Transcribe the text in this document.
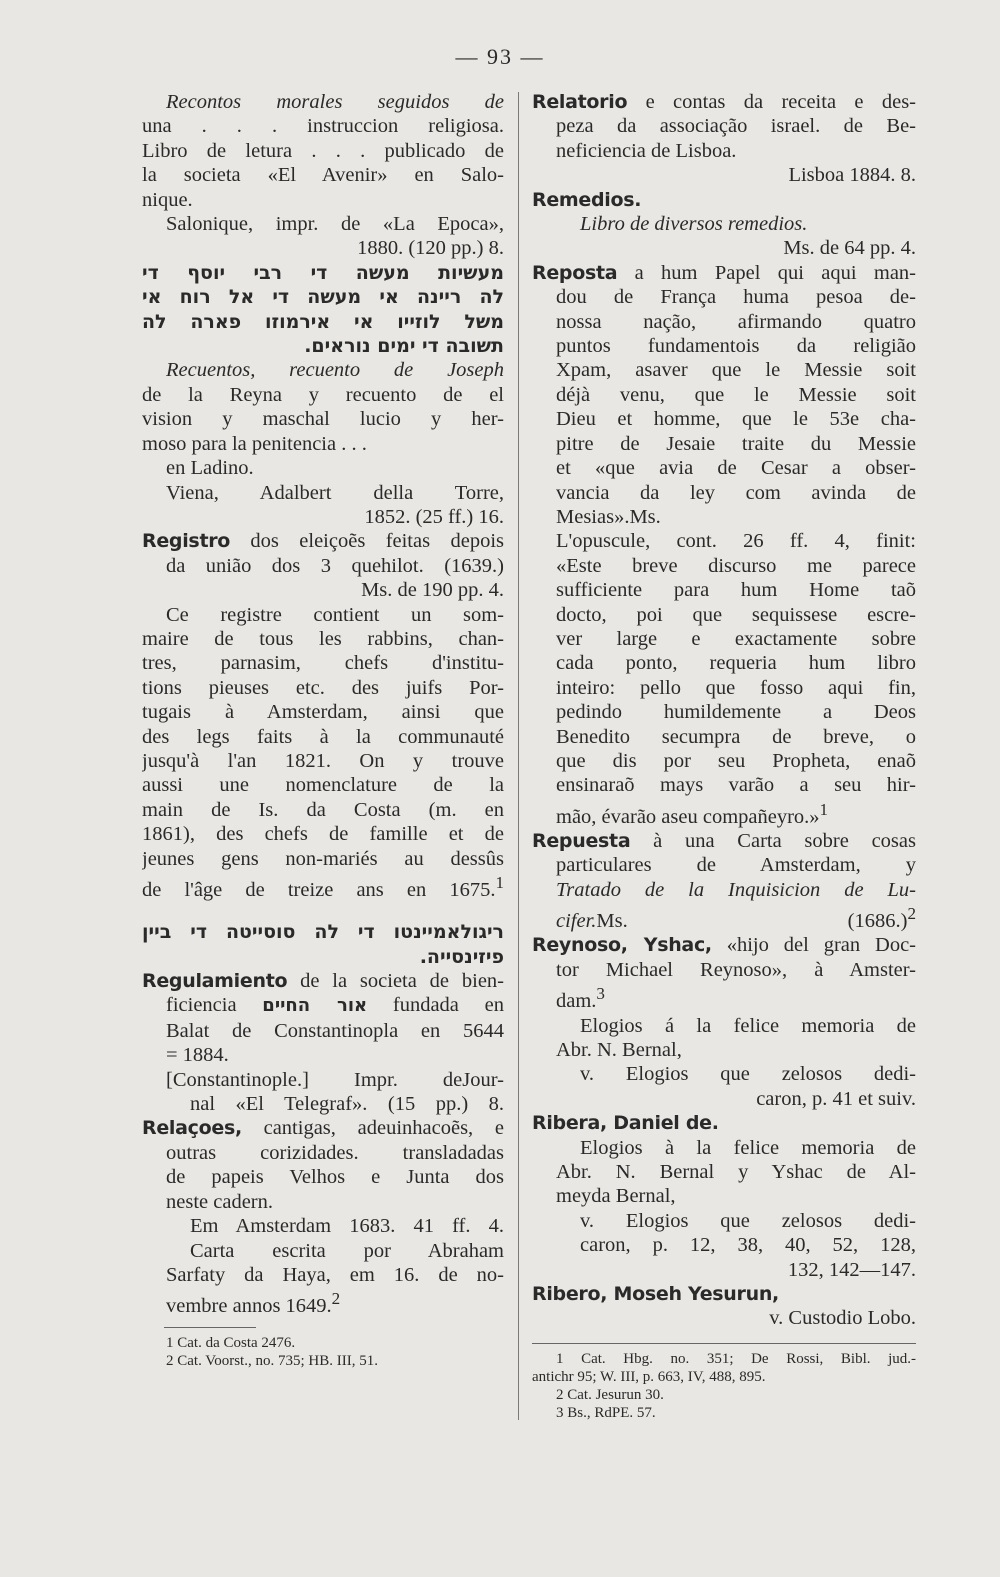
— 93 —
Recontos morales seguidos de
una . . . instruccion religiosa.
Libro de letura . . . publicado de
la societa «El Avenir» en Salo-
nique.
Salonique, impr. de «La Epoca»,
1880. (120 pp.) 8.
מעשיות מעשה די רבי יוסף די
לה ריינה אי מעשה די אל רוח אי
משל לוזייו אי אירמוזו פארה לה
תשובה די ימים נוראים.
Recuentos, recuento de Joseph
de la Reyna y recuento de el
vision y maschal lucio y her-
moso para la penitencia . . .
en Ladino.
Viena, Adalbert della Torre,
1852. (25 ff.) 16.
Registro dos eleiçoẽs feitas depois
da união dos 3 quehilot. (1639.)
Ms. de 190 pp. 4.
Ce registre contient un som-
maire de tous les rabbins, chan-
tres, parnasim, chefs d'institu-
tions pieuses etc. des juifs Por-
tugais à Amsterdam, ainsi que
des legs faits à la communauté
jusqu'à l'an 1821. On y trouve
aussi une nomenclature de la
main de Is. da Costa (m. en
1861), des chefs de famille et de
jeunes gens non-mariés au dessûs
de l'âge de treize ans en 1675.$^1$
ריגולאמיינטו די לה סוסייטה די ביין
פיזינסייה.
Regulamiento de la societa de bien-
ficiencia אור החיים fundada en
Balat de Constantinopla en 5644
= 1884.
[Constantinople.] Impr. deJour-
nal «El Telegraf». (15 pp.) 8.
Relaçoes, cantigas, adeuinhacoẽs, e
outras corizidades. transladadas
de papeis Velhos e Junta dos
neste cadern.
Em Amsterdam 1683. 41 ff. 4.
Carta escrita por Abraham
Sarfaty da Haya, em 16. de no-
vembre annos 1649.$^2$
1 Cat. da Costa 2476.
2 Cat. Voorst., no. 735; HB. III, 51.
Relatorio e contas da receita e des-
peza da associação israel. de Be-
neficiencia de Lisboa.
Lisboa 1884. 8.
Remedios.
Libro de diversos remedios.
Ms. de 64 pp. 4.
Reposta a hum Papel qui aqui man-
dou de França huma pesoa de-
nossa nação, afirmando quatro
puntos fundamentois da religião
Xpam, asaver que le Messie soit
déjà venu, que le Messie soit
Dieu et homme, que le 53e cha-
pitre de Jesaie traite du Messie
et «que avia de Cesar a obser-
vancia da ley com avinda de
Mesias».Ms.
L'opuscule, cont. 26 ff. 4, finit:
«Este breve discurso me parece
sufficiente para hum Home taõ
docto, poi que sequissese escre-
ver large e exactamente sobre
cada ponto, requeria hum libro
inteiro: pello que fosso aqui fin,
pedindo humildemente a Deos
Benedito secumpra de breve, o
que dis por seu Propheta, enaõ
ensinaraõ mays varão a seu hir-
mão, évarão aseu compañeyro.»$^1$
Repuesta à una Carta sobre cosas
particulares de Amsterdam, y
Tratado de la Inquisicion de Lu-
cifer.Ms. $(1686.)^2$
Reynoso, Yshac, «hijo del gran Doc-
tor Michael Reynoso», à Amster-
dam.$^3$
Elogios á la felice memoria de
Abr. N. Bernal,
v. Elogios que zelosos dedi-
caron, p. 41 et suiv.
Ribera, Daniel de.
Elogios à la felice memoria de
Abr. N. Bernal y Yshac de Al-
meyda Bernal,
v. Elogios que zelosos dedi-
caron, p. 12, 38, 40, 52, 128,
132, 142—147.
Ribero, Moseh Yesurun,
v. Custodio Lobo.
1 Cat. Hbg. no. 351; De Rossi, Bibl. jud.-
antichr 95; W. III, p. 663, IV, 488, 895.
2 Cat. Jesurun 30.
3 Bs., RdPE. 57.
